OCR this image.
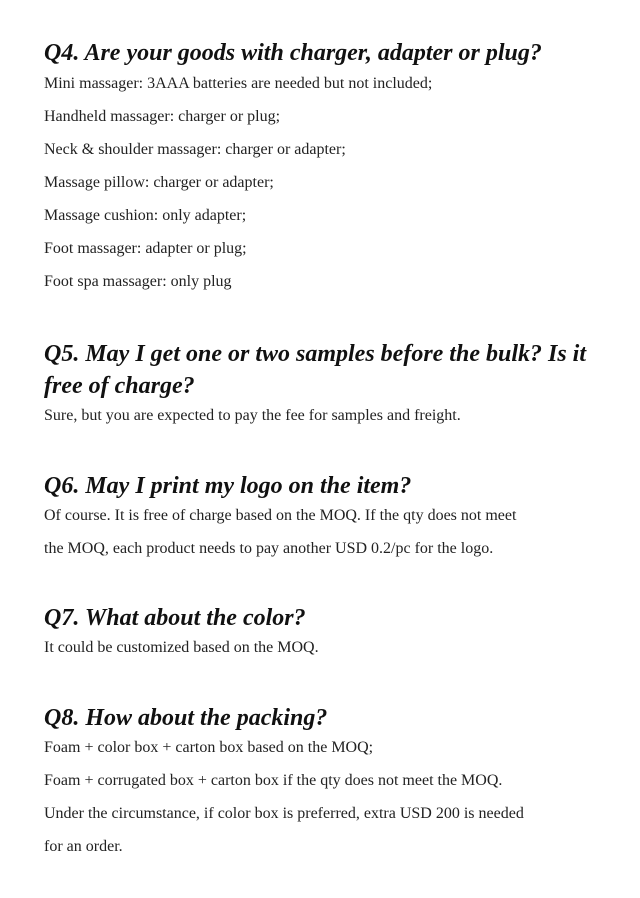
Q4. Are your goods with charger, adapter or plug?

Mini massager: 3AAA batteries are needed but not included;
Handheld massager: charger or plug;
Neck & shoulder massager: charger or adapter;
Massage pillow: charger or adapter;
Massage cushion: only adapter;
Foot massager: adapter or plug;
Foot spa massager: only plug

Q5. May I get one or two samples before the bulk? Is it
free of charge?

Sure, but you are expected to pay the fee for samples and freight.

Q6. May I print my logo on the item?

Of course. It is free of charge based on the MOQ. If the qty does not meet
the MOQ, each product needs to pay another USD 0.2/pc for the logo.

Q7. What about the color?

It could be customized based on the MOQ.

Q8. How about the packing?

Foam + color box + carton box based on the MOQ;
Foam + corrugated box + carton box if the qty does not meet the MOQ.
Under the circumstance, if color box is preferred, extra USD 200 is needed
for an order.
